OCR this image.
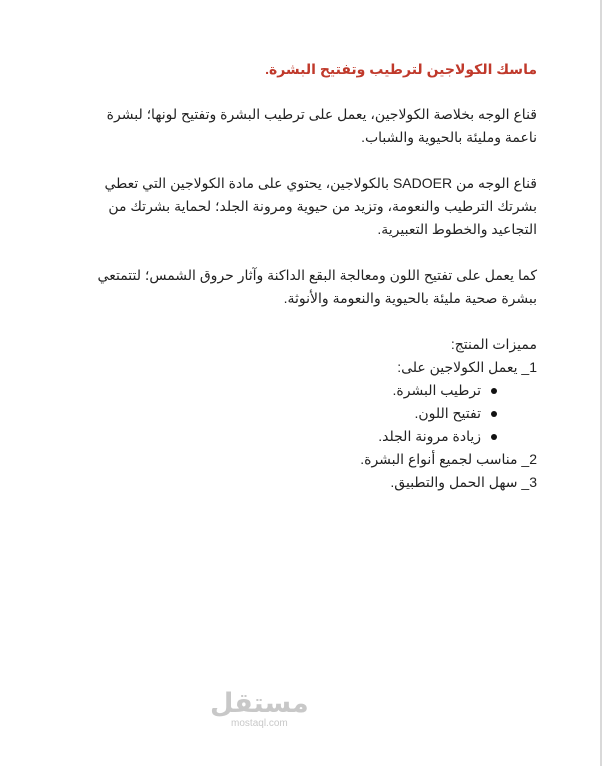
ماسك الكولاجين لترطيب وتفتيح البشرة.

قناع الوجه بخلاصة الكولاجين، يعمل على ترطيب البشرة وتفتيح لونها؛ لبشرة ناعمة ومليئة بالحيوية والشباب.

قناع الوجه من SADOER بالكولاجين، يحتوي على مادة الكولاجين التي تعطي بشرتك الترطيب والنعومة، وتزيد من حيوية ومرونة الجلد؛ لحماية بشرتك من التجاعيد والخطوط التعبيرية.

كما يعمل على تفتيح اللون ومعالجة البقع الداكنة وآثار حروق الشمس؛ لتتمتعي ببشرة صحية مليئة بالحيوية والنعومة والأنوثة.

مميزات المنتج:

1_ يعمل الكولاجين على:

ترطيب البشرة.
تفتيح اللون.
زيادة مرونة الجلد.

2_ مناسب لجميع أنواع البشرة.

3_ سهل الحمل والتطبيق.

مستقل
mostaql.com
